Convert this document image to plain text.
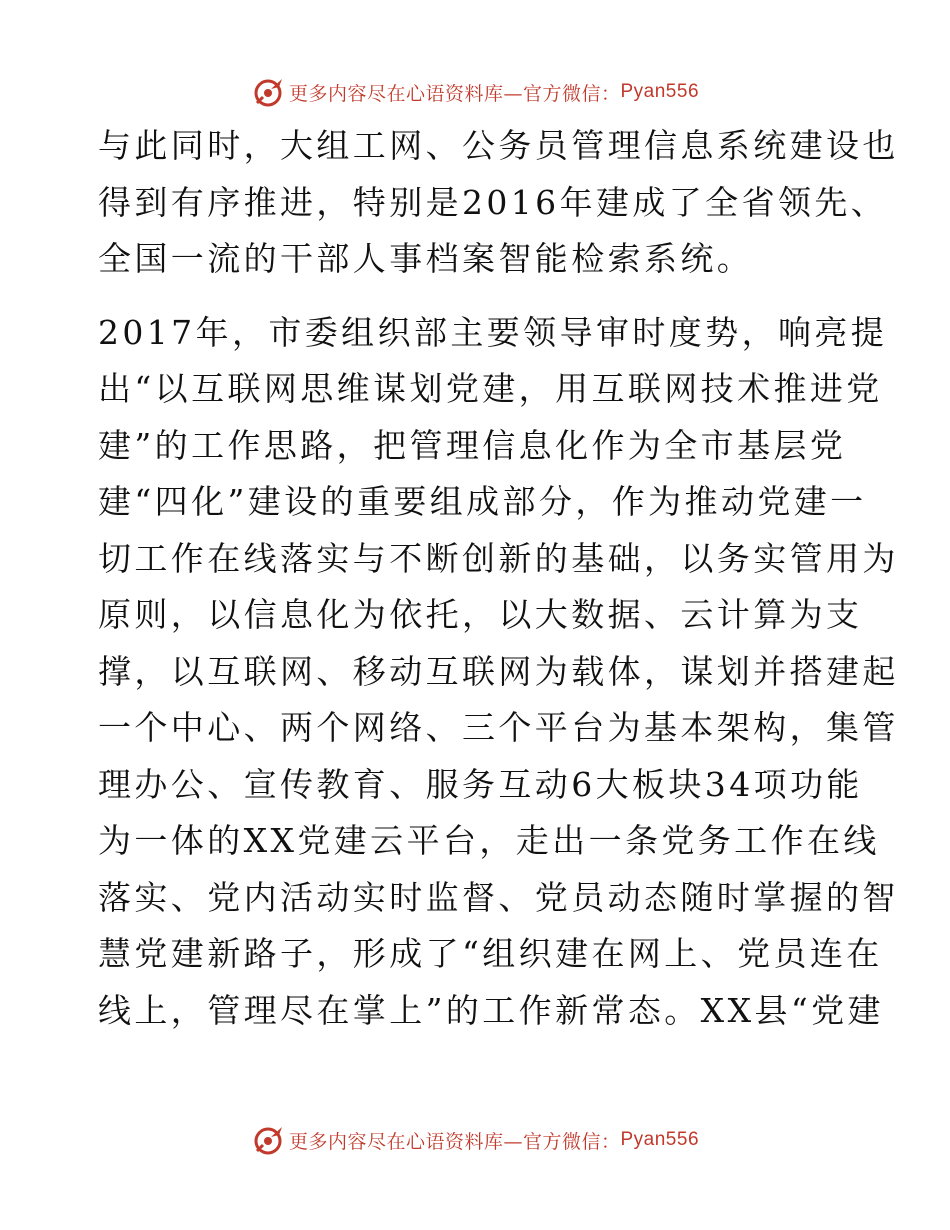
更多内容尽在心语资料库—官方微信： Pyan556
与此同时，大组工网、公务员管理信息系统建设也
得到有序推进，特别是2016年建成了全省领先、
全国一流的干部人事档案智能检索系统。
2017年，市委组织部主要领导审时度势，响亮提
出“以互联网思维谋划党建，用互联网技术推进党
建”的工作思路，把管理信息化作为全市基层党
建“四化”建设的重要组成部分，作为推动党建一
切工作在线落实与不断创新的基础，以务实管用为
原则，以信息化为依托，以大数据、云计算为支
撑，以互联网、移动互联网为载体，谋划并搭建起
一个中心、两个网络、三个平台为基本架构，集管
理办公、宣传教育、服务互动6大板块34项功能
为一体的XX党建云平台，走出一条党务工作在线
落实、党内活动实时监督、党员动态随时掌握的智
慧党建新路子，形成了“组织建在网上、党员连在
线上，管理尽在掌上”的工作新常态。XX县“党建
更多内容尽在心语资料库—官方微信： Pyan556
